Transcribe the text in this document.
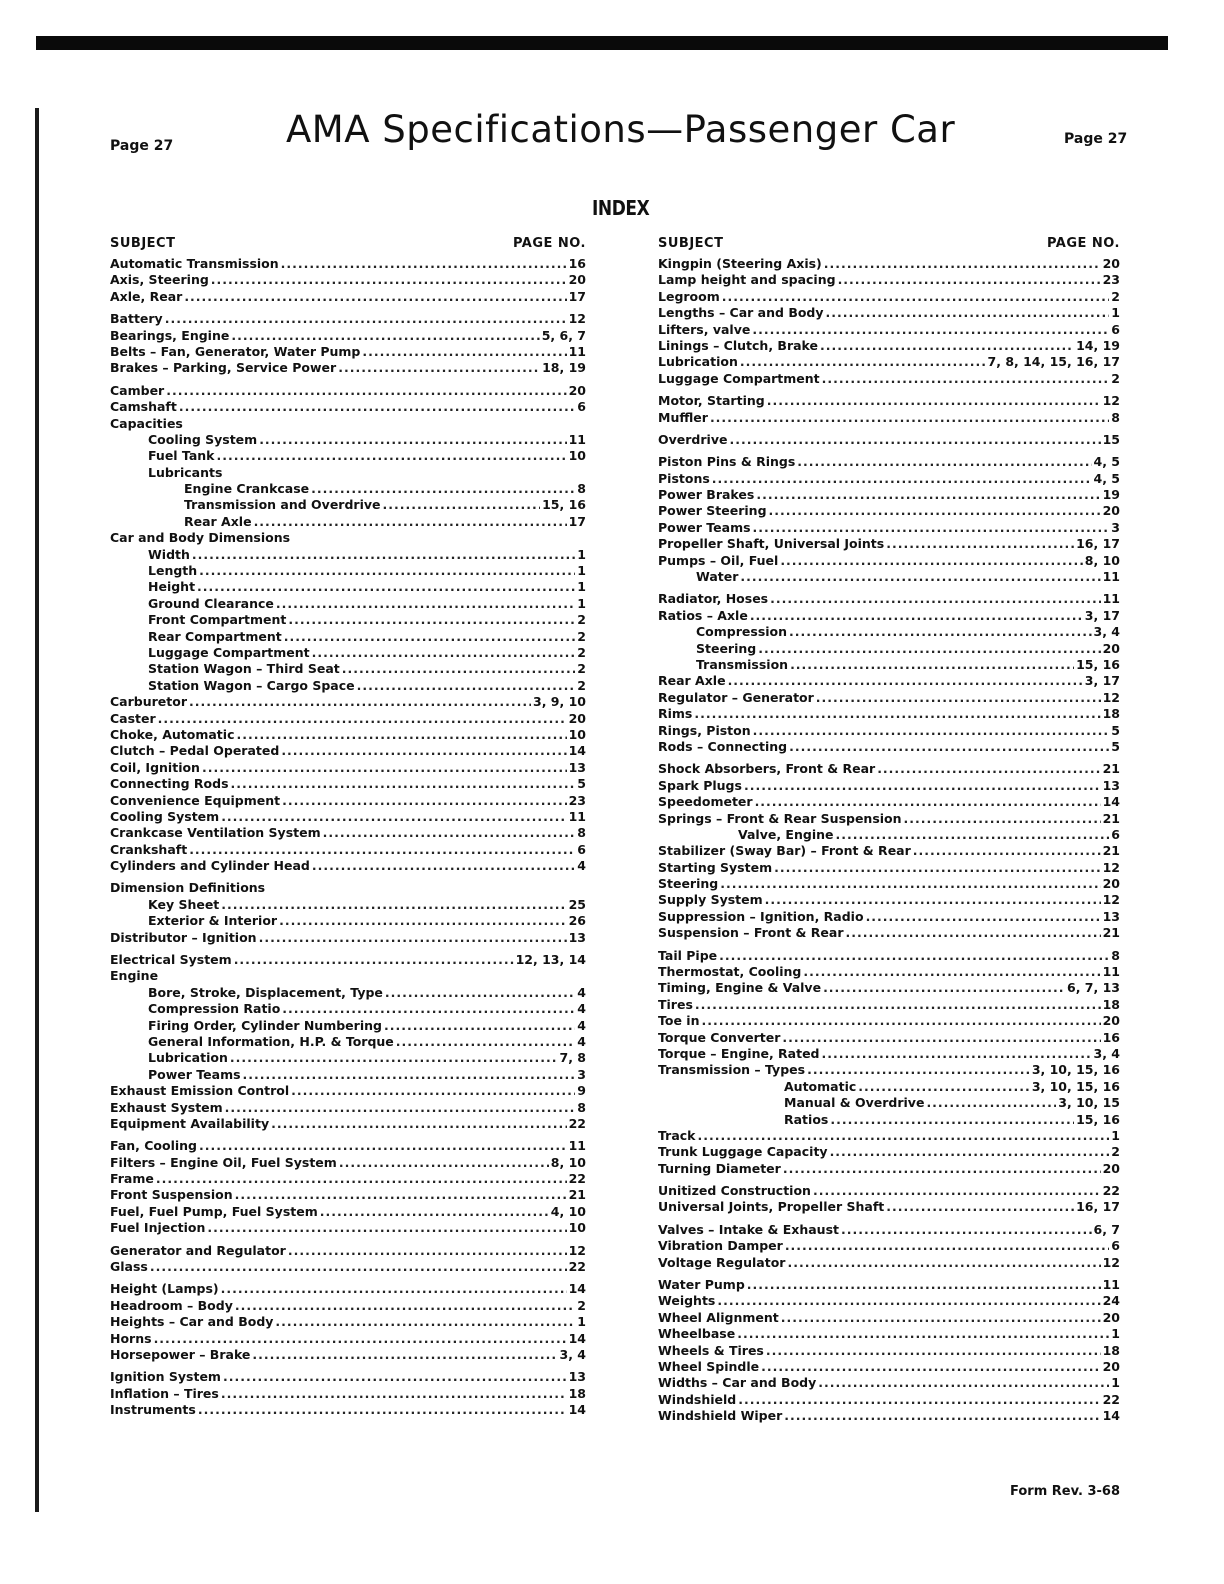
Page 27	AMA Specifications—Passenger Car	Page 27
INDEX
SUBJECT	PAGE NO.
Automatic Transmission .....	16
Axis, Steering .....	20
Axle, Rear .....	17
Battery .....	12
Bearings, Engine .....	5, 6, 7
Belts – Fan, Generator, Water Pump .....	11
Brakes – Parking, Service Power .....	18, 19
Camber .....	20
Camshaft .....	6
Capacities
Cooling System .....	11
Fuel Tank .....	10
Lubricants
Engine Crankcase .....	8
Transmission and Overdrive .....	15, 16
Rear Axle .....	17
Car and Body Dimensions
Width .....	1
Length .....	1
Height .....	1
Ground Clearance .....	1
Front Compartment .....	2
Rear Compartment .....	2
Luggage Compartment .....	2
Station Wagon – Third Seat .....	2
Station Wagon – Cargo Space .....	2
Carburetor .....	3, 9, 10
Caster .....	20
Choke, Automatic .....	10
Clutch – Pedal Operated .....	14
Coil, Ignition .....	13
Connecting Rods .....	5
Convenience Equipment .....	23
Cooling System .....	11
Crankcase Ventilation System .....	8
Crankshaft .....	6
Cylinders and Cylinder Head .....	4
Dimension Definitions
Key Sheet .....	25
Exterior & Interior .....	26
Distributor – Ignition .....	13
Electrical System .....	12, 13, 14
Engine
Bore, Stroke, Displacement, Type .....	4
Compression Ratio .....	4
Firing Order, Cylinder Numbering .....	4
General Information, H.P. & Torque .....	4
Lubrication .....	7, 8
Power Teams .....	3
Exhaust Emission Control .....	9
Exhaust System .....	8
Equipment Availability .....	22
Fan, Cooling .....	11
Filters – Engine Oil, Fuel System .....	8, 10
Frame .....	22
Front Suspension .....	21
Fuel, Fuel Pump, Fuel System .....	4, 10
Fuel Injection .....	10
Generator and Regulator .....	12
Glass .....	22
Height (Lamps) .....	14
Headroom – Body .....	2
Heights – Car and Body .....	1
Horns .....	14
Horsepower – Brake .....	3, 4
Ignition System .....	13
Inflation – Tires .....	18
Instruments .....	14
SUBJECT	PAGE NO.
Kingpin (Steering Axis) .....	20
Lamp height and spacing .....	23
Legroom .....	2
Lengths – Car and Body .....	1
Lifters, valve .....	6
Linings – Clutch, Brake .....	14, 19
Lubrication .....	7, 8, 14, 15, 16, 17
Luggage Compartment .....	2
Motor, Starting .....	12
Muffler .....	8
Overdrive .....	15
Piston Pins & Rings .....	4, 5
Pistons .....	4, 5
Power Brakes .....	19
Power Steering .....	20
Power Teams .....	3
Propeller Shaft, Universal Joints .....	16, 17
Pumps – Oil, Fuel .....	8, 10
Water .....	11
Radiator, Hoses .....	11
Ratios – Axle .....	3, 17
Compression .....	3, 4
Steering .....	20
Transmission .....	15, 16
Rear Axle .....	3, 17
Regulator – Generator .....	12
Rims .....	18
Rings, Piston .....	5
Rods – Connecting .....	5
Shock Absorbers, Front & Rear .....	21
Spark Plugs .....	13
Speedometer .....	14
Springs – Front & Rear Suspension .....	21
Valve, Engine .....	6
Stabilizer (Sway Bar) – Front & Rear .....	21
Starting System .....	12
Steering .....	20
Supply System .....	12
Suppression – Ignition, Radio .....	13
Suspension – Front & Rear .....	21
Tail Pipe .....	8
Thermostat, Cooling .....	11
Timing, Engine & Valve .....	6, 7, 13
Tires .....	18
Toe in .....	20
Torque Converter .....	16
Torque – Engine, Rated .....	3, 4
Transmission – Types .....	3, 10, 15, 16
Automatic .....	3, 10, 15, 16
Manual & Overdrive .....	3, 10, 15
Ratios .....	15, 16
Track .....	1
Trunk Luggage Capacity .....	2
Turning Diameter .....	20
Unitized Construction .....	22
Universal Joints, Propeller Shaft .....	16, 17
Valves – Intake & Exhaust .....	6, 7
Vibration Damper .....	6
Voltage Regulator .....	12
Water Pump .....	11
Weights .....	24
Wheel Alignment .....	20
Wheelbase .....	1
Wheels & Tires .....	18
Wheel Spindle .....	20
Widths – Car and Body .....	1
Windshield .....	22
Windshield Wiper .....	14
Form Rev. 3-68
